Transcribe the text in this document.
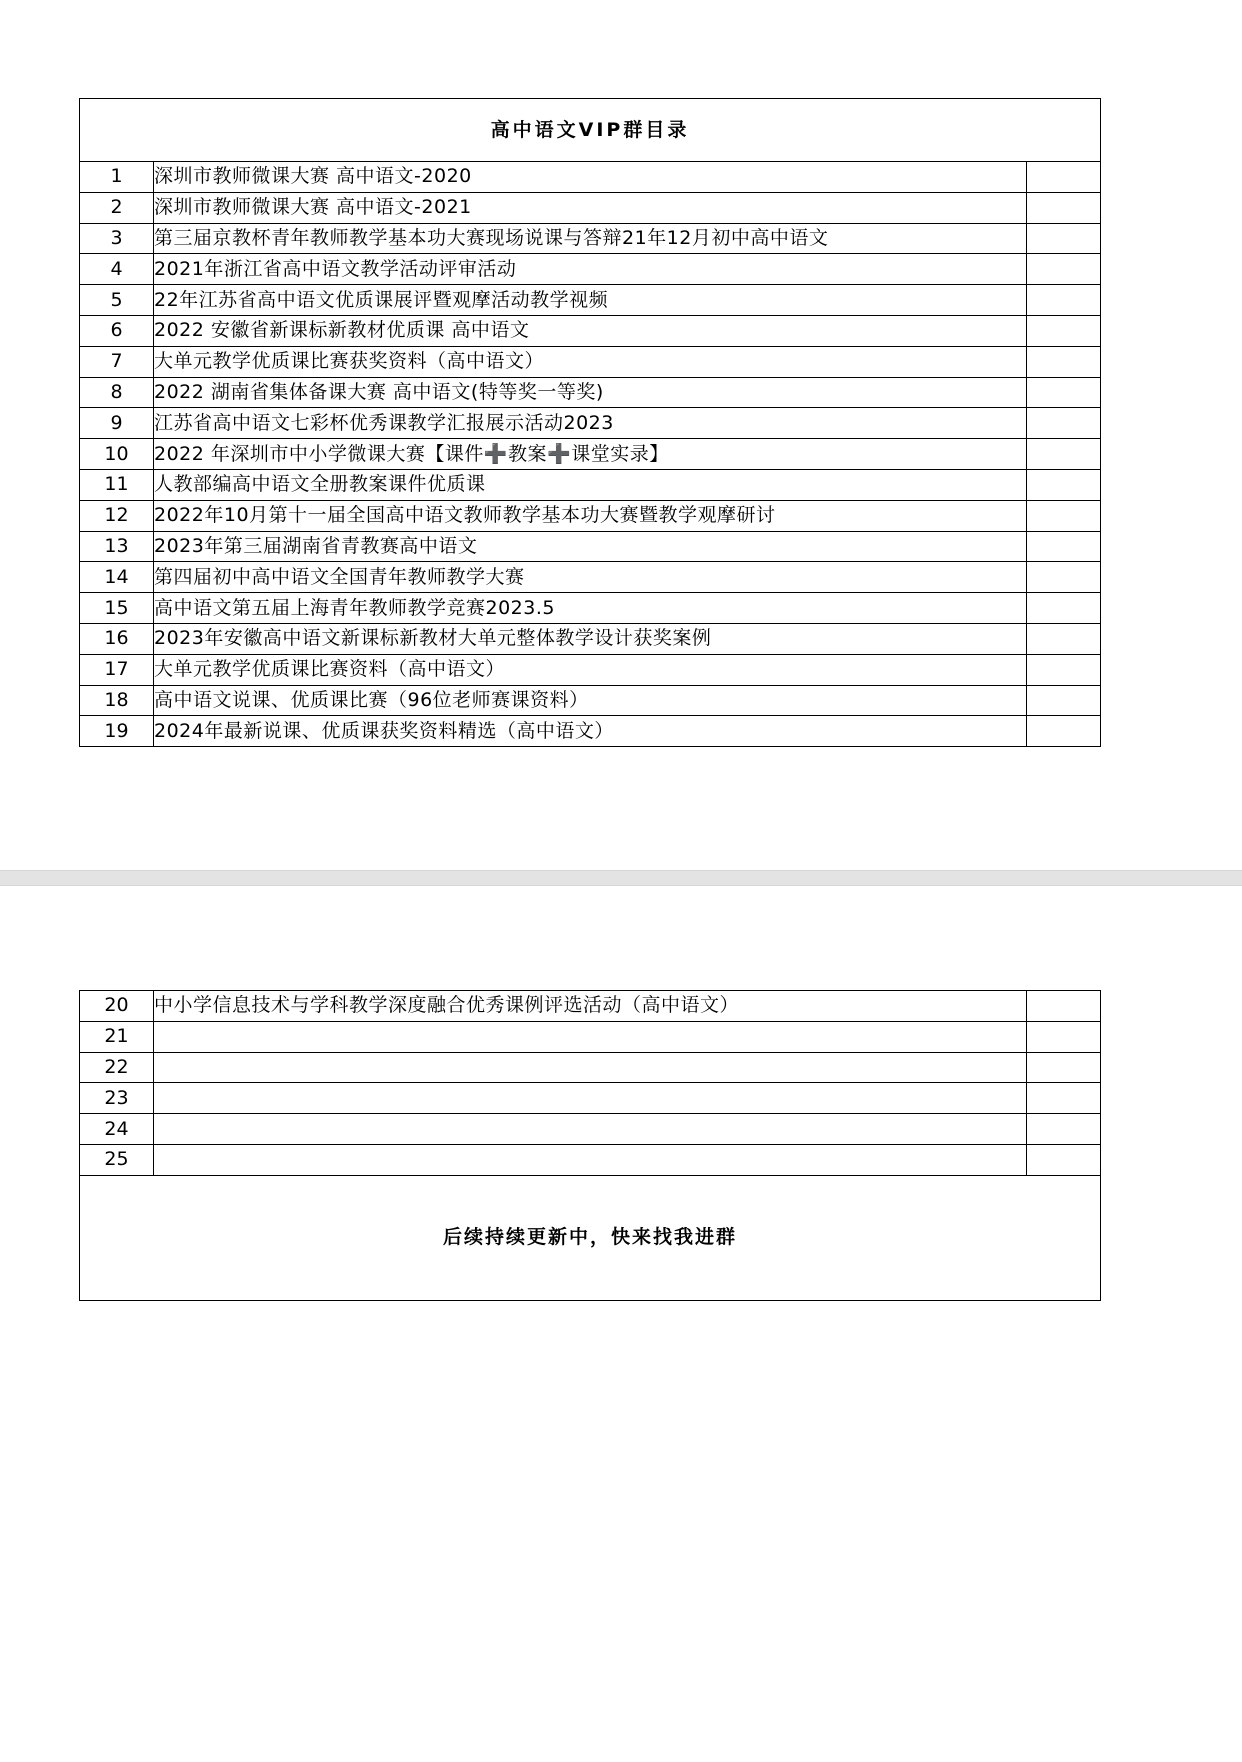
高中语文VIP群目录		
1	深圳市教师微课大赛 高中语文-2020	
2	深圳市教师微课大赛 高中语文-2021	
3	第三届京教杯青年教师教学基本功大赛现场说课与答辩21年12月初中高中语文	
4	2021年浙江省高中语文教学活动评审活动	
5	22年江苏省高中语文优质课展评暨观摩活动教学视频	
6	2022 安徽省新课标新教材优质课 高中语文	
7	大单元教学优质课比赛获奖资料（高中语文）	
8	2022 湖南省集体备课大赛 高中语文(特等奖一等奖)	
9	江苏省高中语文七彩杯优秀课教学汇报展示活动2023	
10	2022 年深圳市中小学微课大赛【课件➕教案➕课堂实录】	
11	人教部编高中语文全册教案课件优质课	
12	2022年10月第十一届全国高中语文教师教学基本功大赛暨教学观摩研讨	
13	2023年第三届湖南省青教赛高中语文	
14	第四届初中高中语文全国青年教师教学大赛	
15	高中语文第五届上海青年教师教学竞赛2023.5	
16	2023年安徽高中语文新课标新教材大单元整体教学设计获奖案例	
17	大单元教学优质课比赛资料（高中语文）	
18	高中语文说课、优质课比赛（96位老师赛课资料）	
19	2024年最新说课、优质课获奖资料精选（高中语文）	
20	中小学信息技术与学科教学深度融合优秀课例评选活动（高中语文）	
21		
22		
23		
24		
25		
后续持续更新中，快来找我进群		
